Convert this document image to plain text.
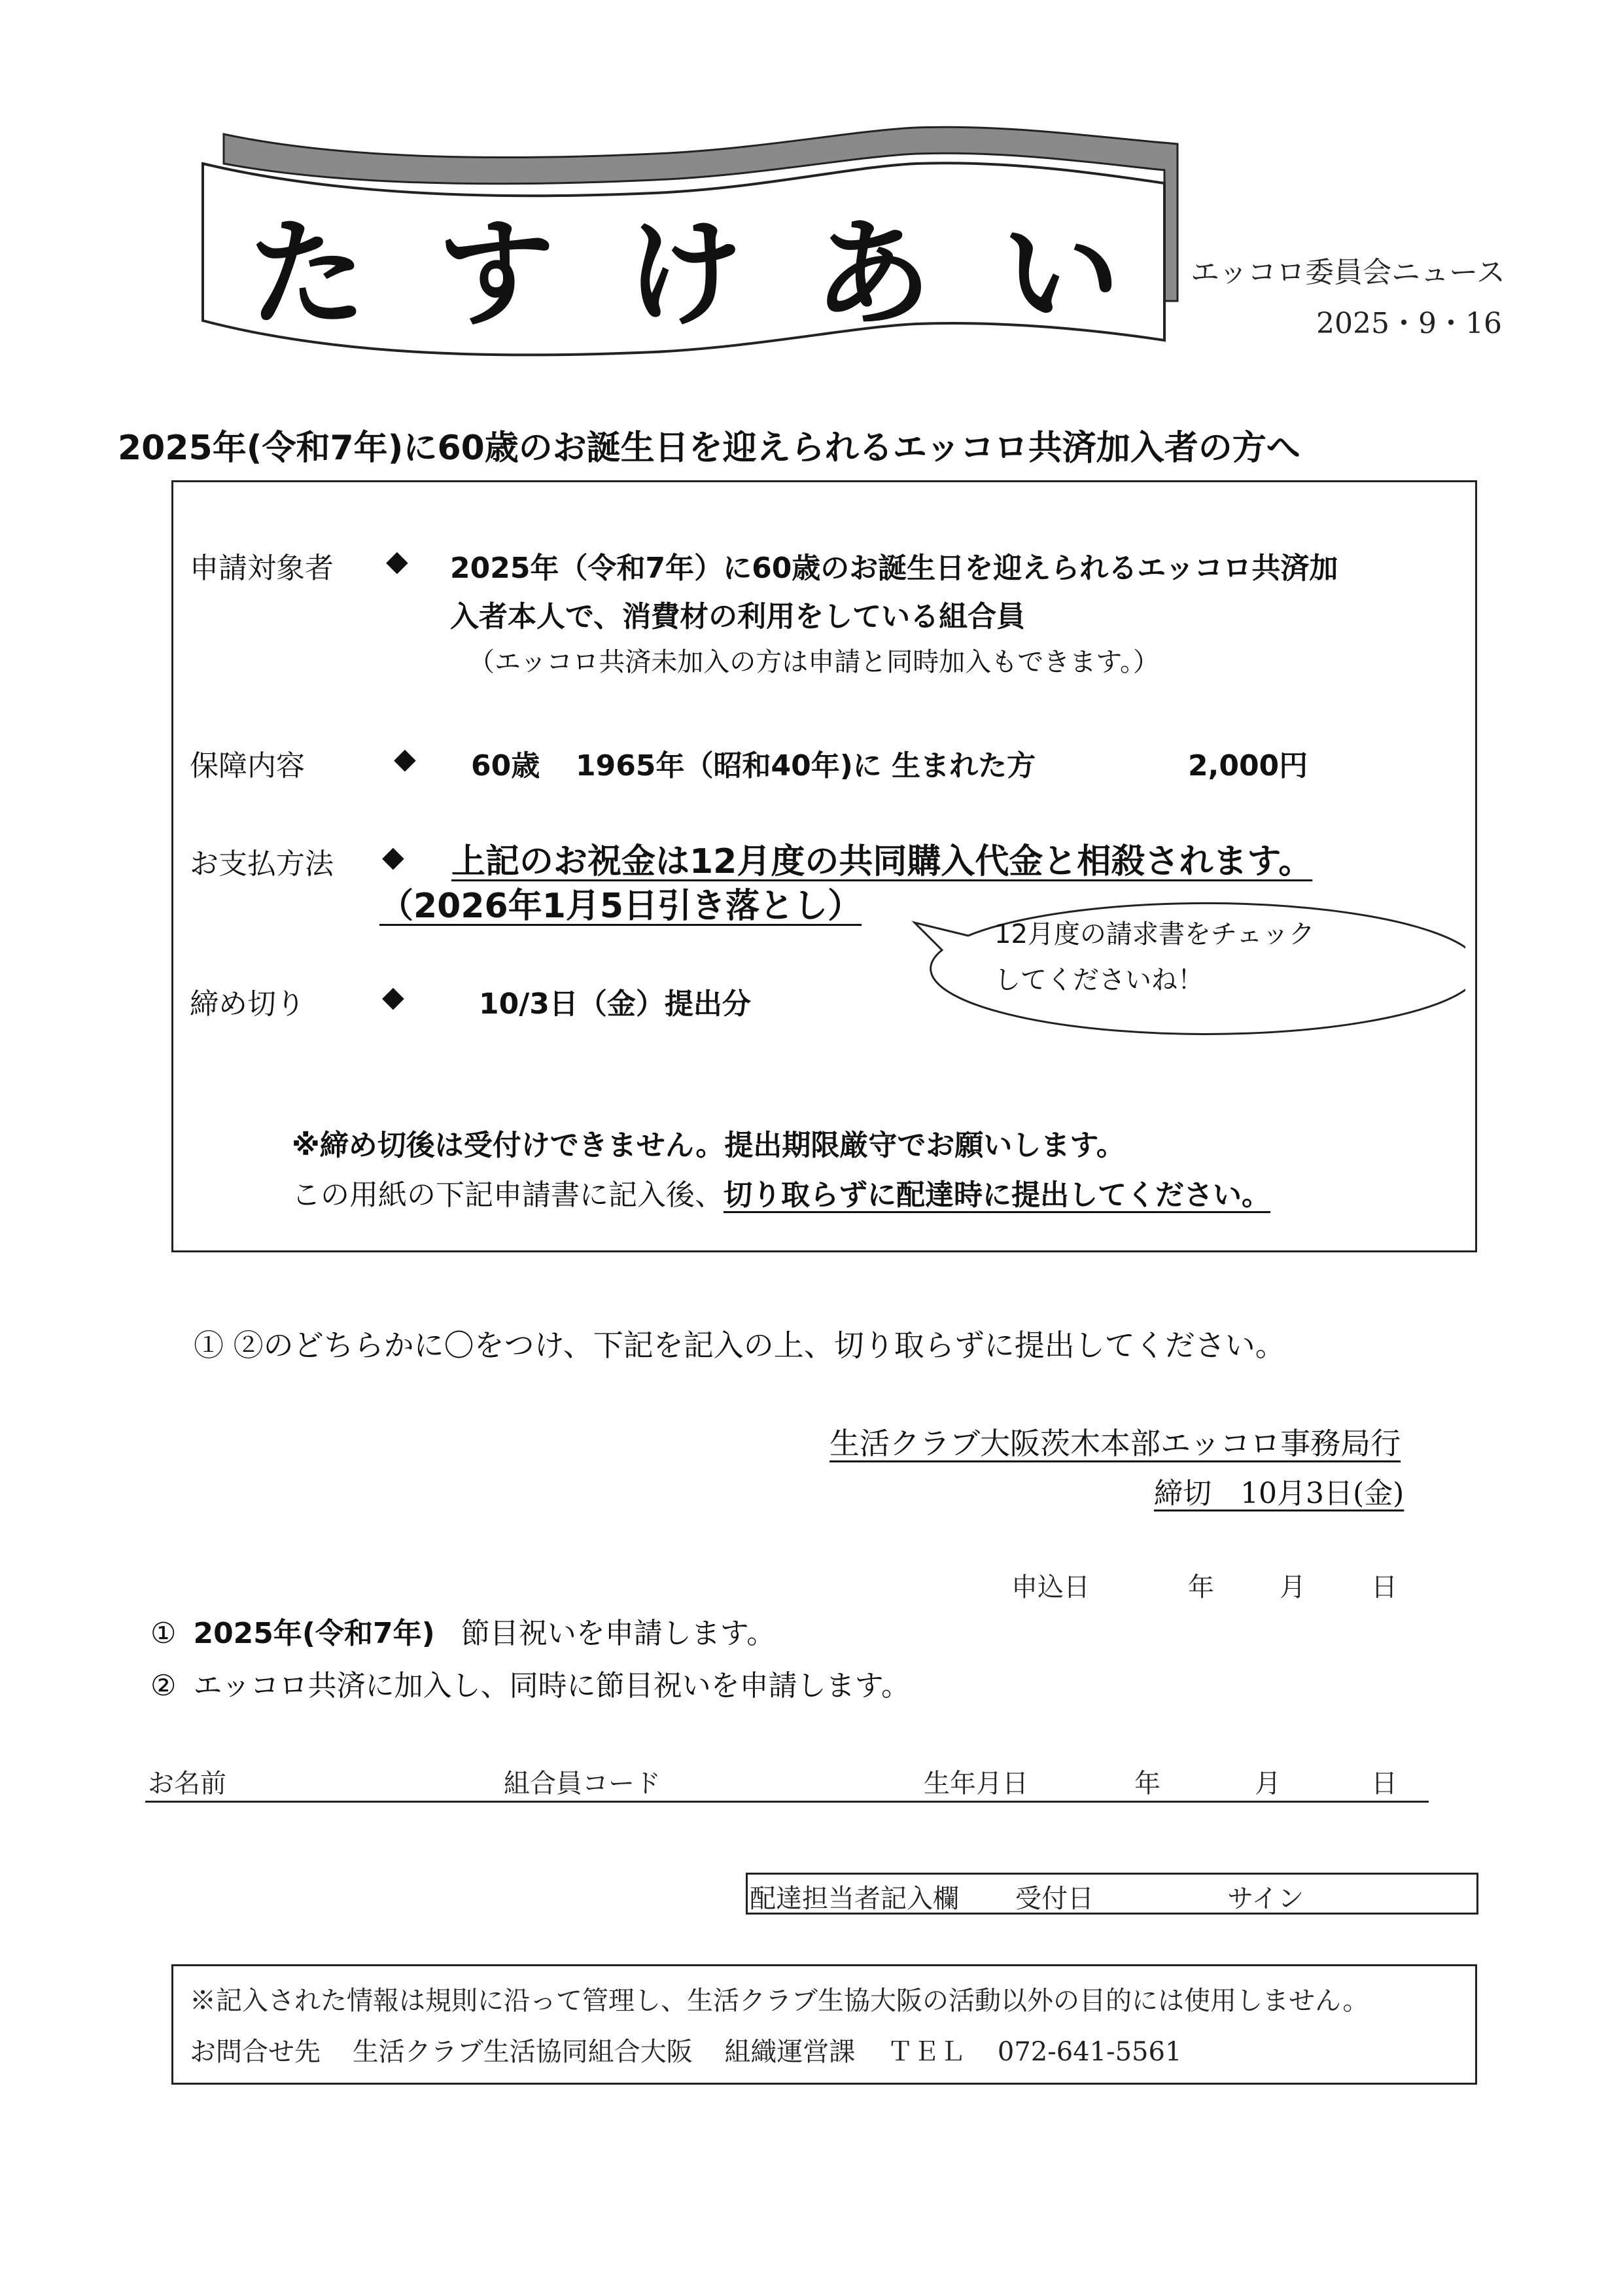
たすけあい エッコロ委員会ニュース
2025・9・16
2025年(令和7年)に60歳のお誕生日を迎えられるエッコロ共済加入者の方へ
申請対象者 ◆ 2025年（令和7年）に60歳のお誕生日を迎えられるエッコロ共済加
入者本人で、消費材の利用をしている組合員
（エッコロ共済未加入の方は申請と同時加入もできます。）
保障内容	◆ 60歳 1965年（昭和40年)に 生まれた方	2,000円
お支払方法 ◆ 上記のお祝金は12月度の共同購入代金と相殺されます。
（2026年1月5日引き落とし）
12月度の請求書をチェック
してくださいね！
締め切り	◆	10/3日（金）提出分
※締め切後は受付けできません。提出期限厳守でお願いします。
この用紙の下記申請書に記入後、切り取らずに配達時に提出してください。
① ②のどちらかに〇をつけ、下記を記入の上、切り取らずに提出してください。
生活クラブ大阪茨木本部エッコロ事務局行
締切　10月3日(金)
申込日	年	月	日
① 2025年(令和7年) 節目祝いを申請します。
② エッコロ共済に加入し、同時に節目祝いを申請します。
お名前	組合員コード	生年月日	年	月	日
配達担当者記入欄 受付日	サイン
※記入された情報は規則に沿って管理し、生活クラブ生協大阪の活動以外の目的には使用しません。
お問合せ先 生活クラブ生活協同組合大阪 組織運営課 ＴＥＬ 072-641-5561
